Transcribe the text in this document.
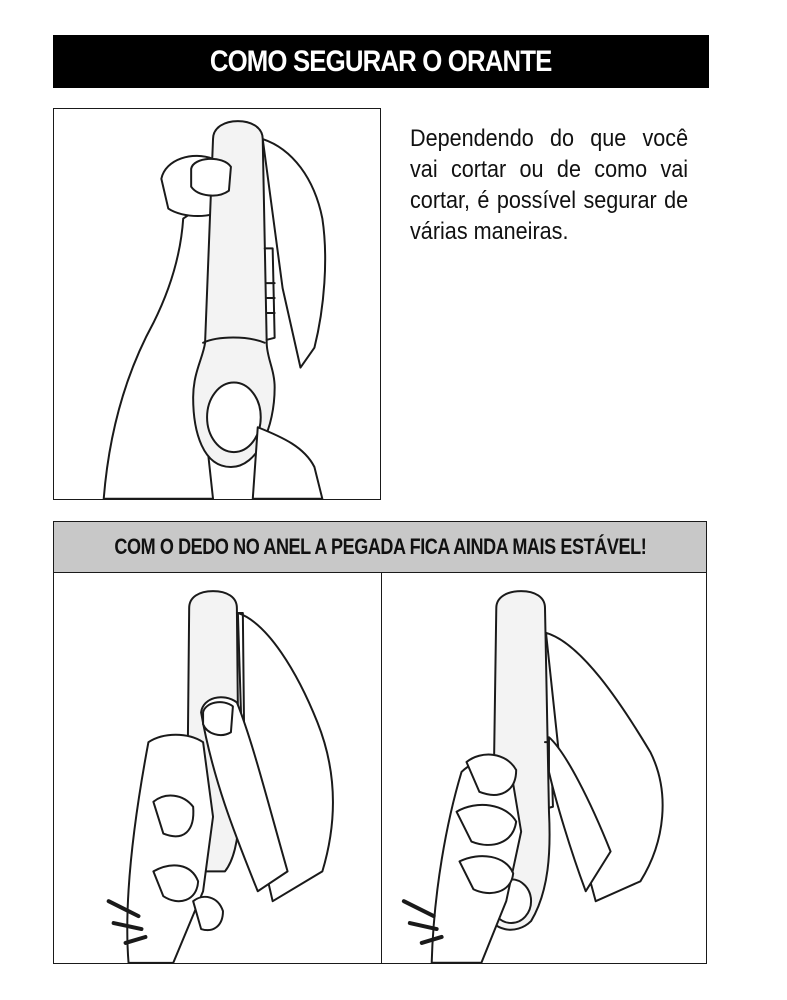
COMO SEGURAR O ORANTE
Dependendo do que você vai cortar ou de como vai cortar, é possível segurar de várias maneiras.
COM O DEDO NO ANEL A PEGADA FICA AINDA MAIS ESTÁVEL!
